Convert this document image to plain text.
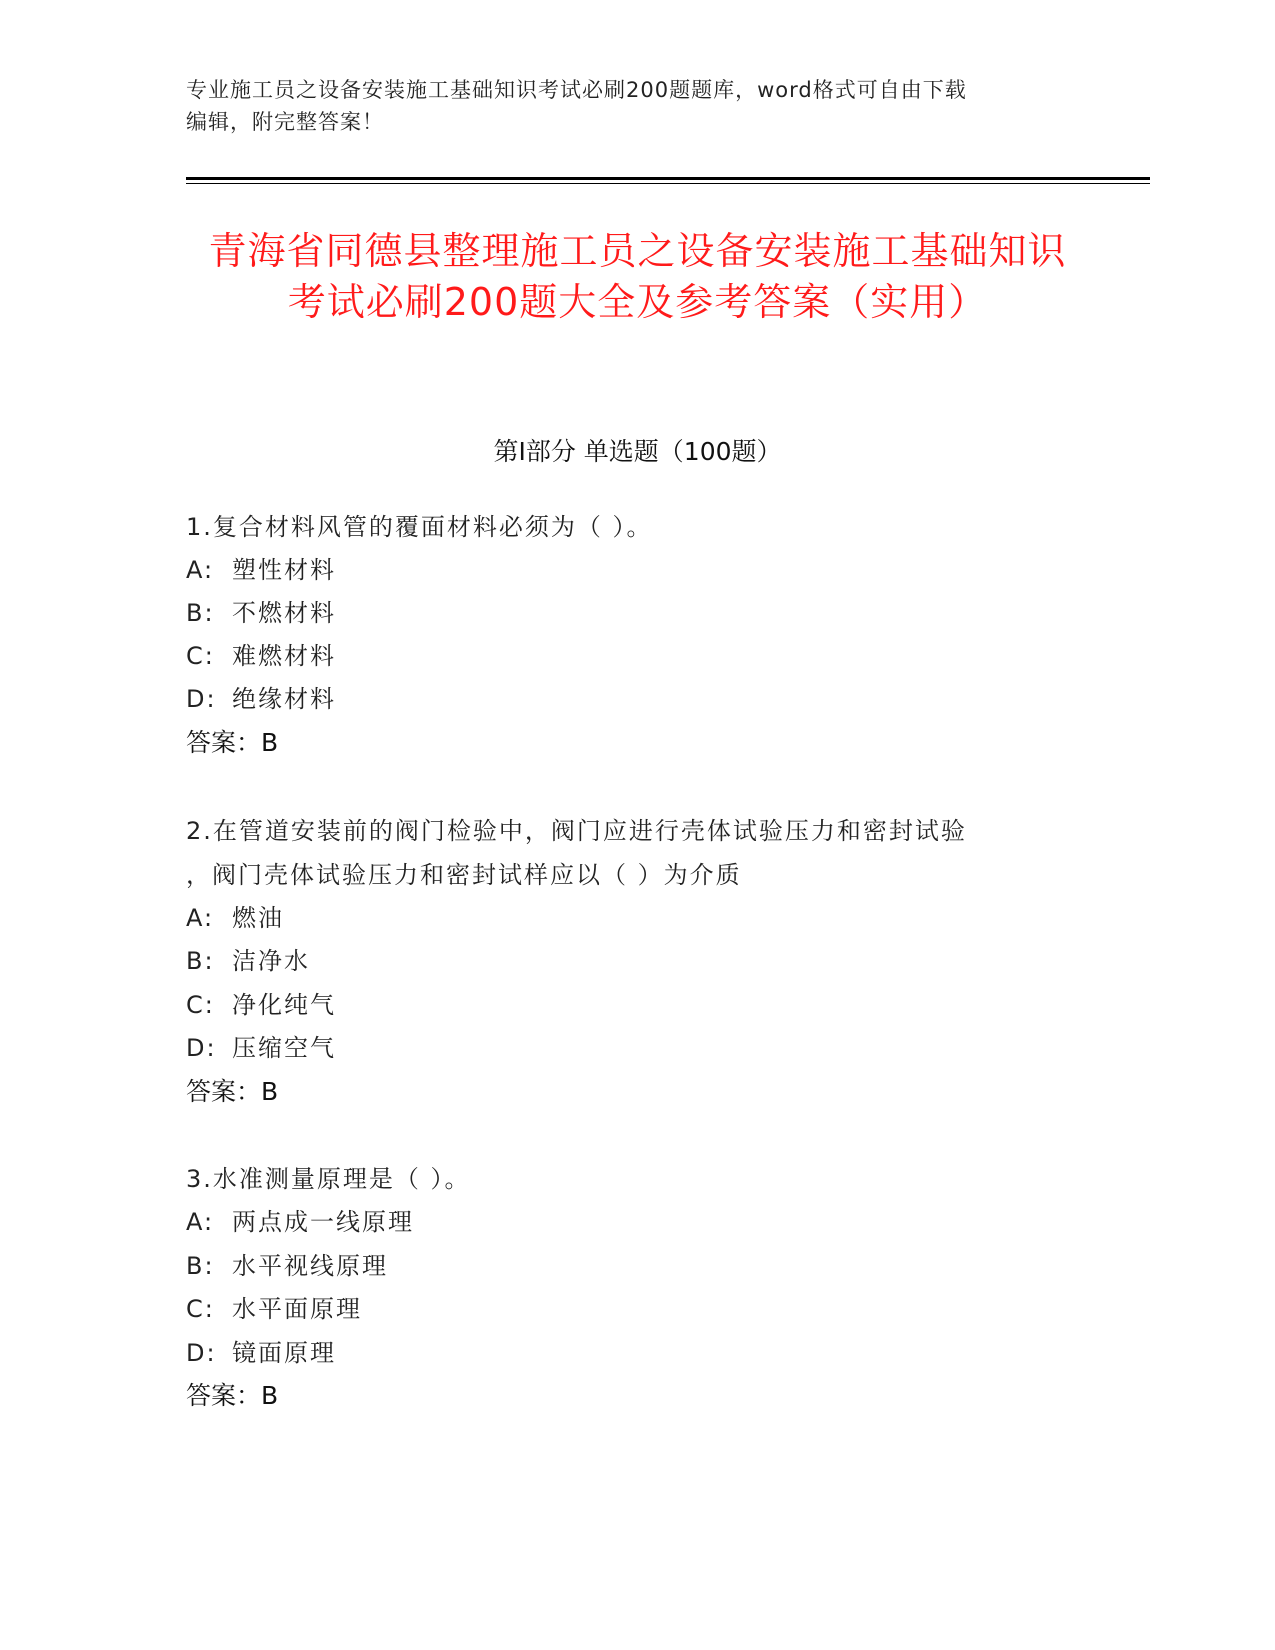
专业施工员之设备安装施工基础知识考试必刷200题题库，word格式可自由下载
编辑，附完整答案！
青海省同德县整理施工员之设备安装施工基础知识考试必刷200题大全及参考答案（实用）
第I部分 单选题（100题）
1.复合材料风管的覆面材料必须为（ ）。
A: 塑性材料
B: 不燃材料
C: 难燃材料
D: 绝缘材料
答案：B
2.在管道安装前的阀门检验中，阀门应进行壳体试验压力和密封试验
，阀门壳体试验压力和密封试样应以（ ）为介质
A: 燃油
B: 洁净水
C: 净化纯气
D: 压缩空气
答案：B
3.水准测量原理是（ ）。
A: 两点成一线原理
B: 水平视线原理
C: 水平面原理
D: 镜面原理
答案：B
